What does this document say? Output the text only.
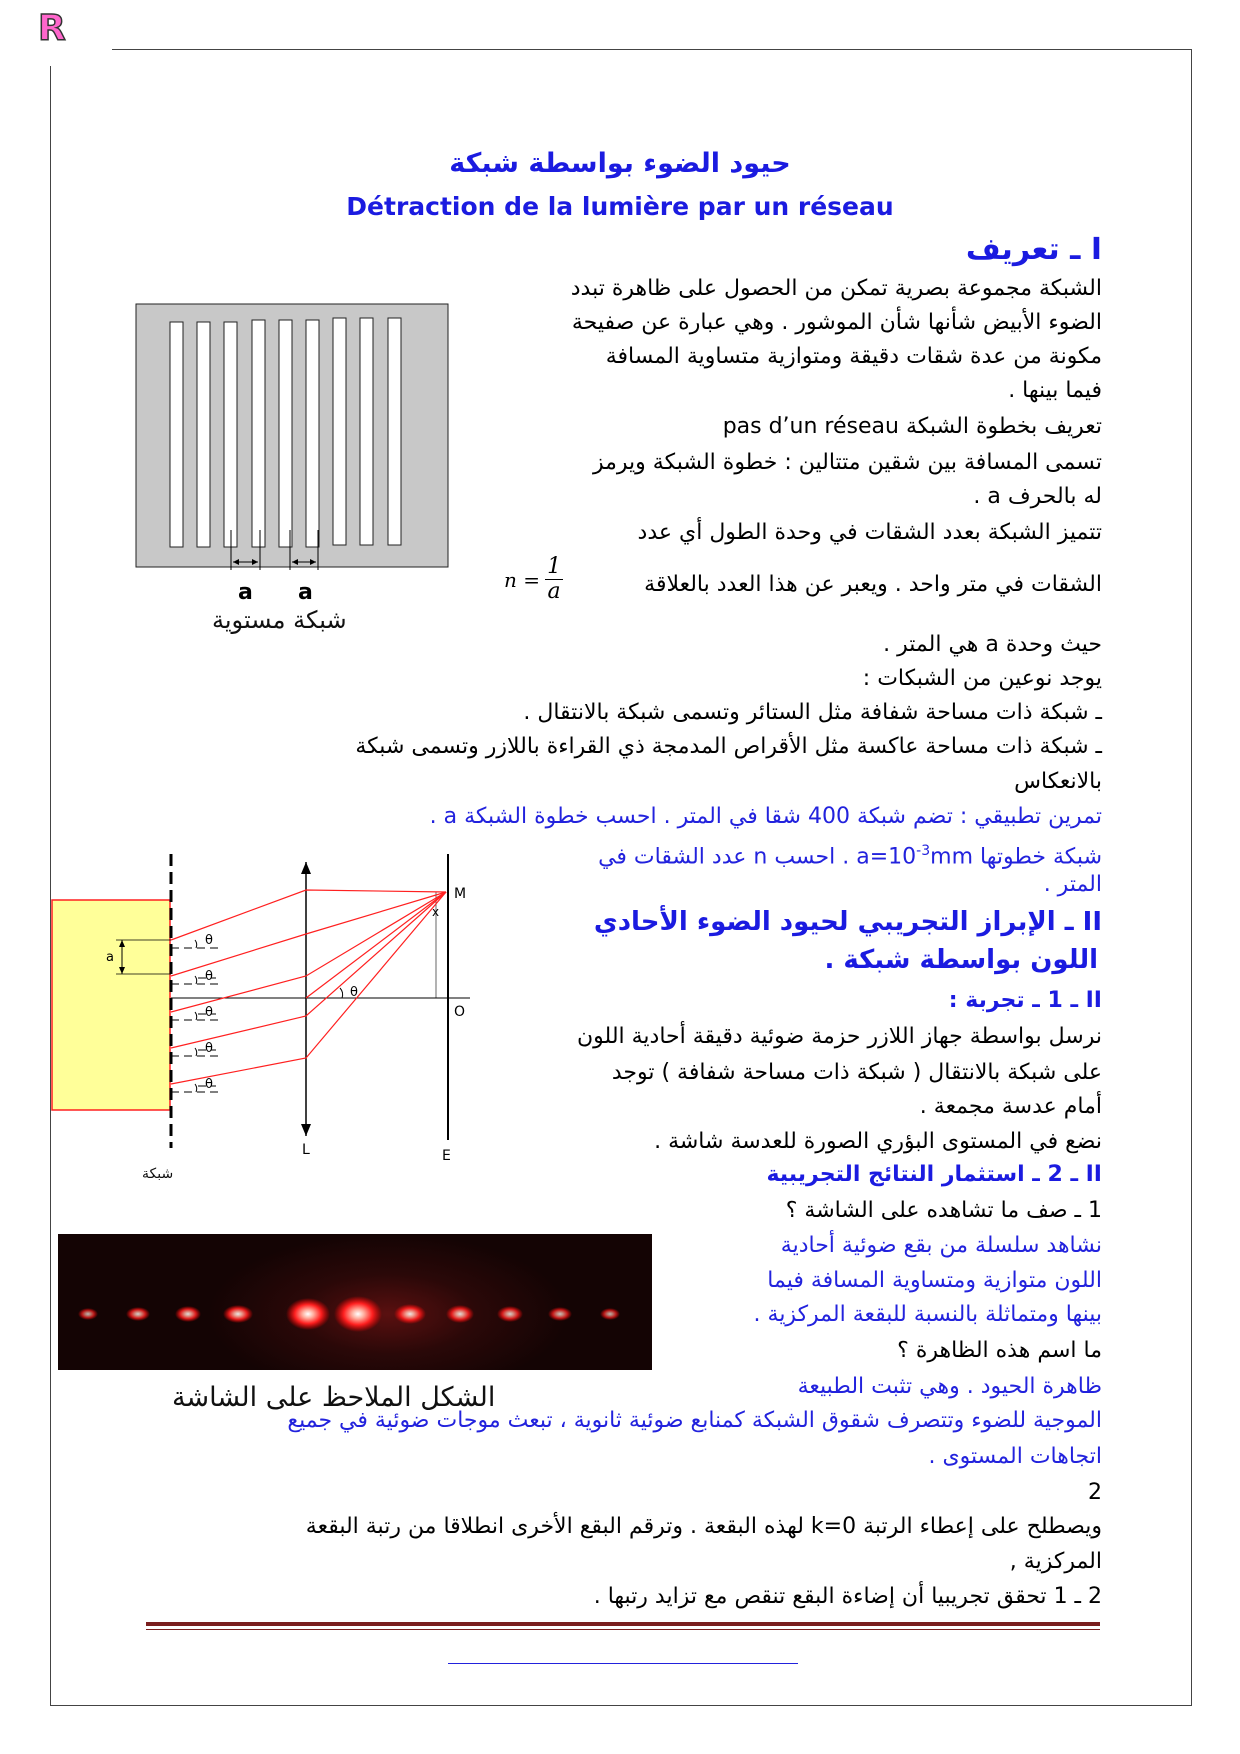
R
حيود الضوء بواسطة شبكة
Détraction de la lumière par un réseau
I ـ تعريف
الشبكة مجموعة بصرية تمكن من الحصول على ظاهرة تبدد
الضوء الأبيض شأنها شأن الموشور . وهي عبارة عن صفيحة
مكونة من عدة شقات دقيقة ومتوازية متساوية المسافة
فيما بينها .
تعريف بخطوة الشبكة pas d’un réseau
تسمى المسافة بين شقين متتالين : خطوة الشبكة ويرمز
له بالحرف a .
تتميز الشبكة بعدد الشقات في وحدة الطول أي عدد
الشقات في متر واحد . ويعبر عن هذا العدد بالعلاقة
$n = \frac{1}{a}$
حيث وحدة a هي المتر .
يوجد نوعين من الشبكات :
ـ شبكة ذات مساحة شفافة مثل الستائر وتسمى شبكة بالانتقال .
ـ شبكة ذات مساحة عاكسة مثل الأقراص المدمجة ذي القراءة باللازر وتسمى شبكة
بالانعكاس
تمرين تطبيقي : تضم شبكة 400 شقا في المتر . احسب خطوة الشبكة a .
شبكة خطوتها $a=10^{-3}mm$ . احسب n عدد الشقات في
المتر .
a a
شبكة مستوية
II ـ الإبراز التجريبي لحيود الضوء الأحادي
اللون بواسطة شبكة .
II ـ 1 ـ تجربة :
نرسل بواسطة جهاز اللازر حزمة ضوئية دقيقة أحادية اللون
على شبكة بالانتقال ( شبكة ذات مساحة شفافة ) توجد
أمام عدسة مجمعة .
نضع في المستوى البؤري الصورة للعدسة شاشة .
II ـ 2 ـ استثمار النتائج التجريبية
1 ـ صف ما تشاهده على الشاشة ؟
نشاهد سلسلة من بقع ضوئية أحادية
اللون متوازية ومتساوية المسافة فيما
بينها ومتماثلة بالنسبة للبقعة المركزية .
ما اسم هذه الظاهرة ؟
ظاهرة الحيود . وهي تثبت الطبيعة
الموجية للضوء وتتصرف شقوق الشبكة كمنابع ضوئية ثانوية ، تبعث موجات ضوئية في جميع
اتجاهات المستوى .
2
ويصطلح على إعطاء الرتبة k=0 لهذه البقعة . وترقم البقع الأخرى انطلاقا من رتبة البقعة
المركزية ,
2 ـ 1 تحقق تجريبيا أن إضاءة البقع تنقص مع تزايد رتبها .
a
L	E
O
M
x
θ
θ
θ
θ
θ
θ
شبكة
الشكل الملاحظ على الشاشة
